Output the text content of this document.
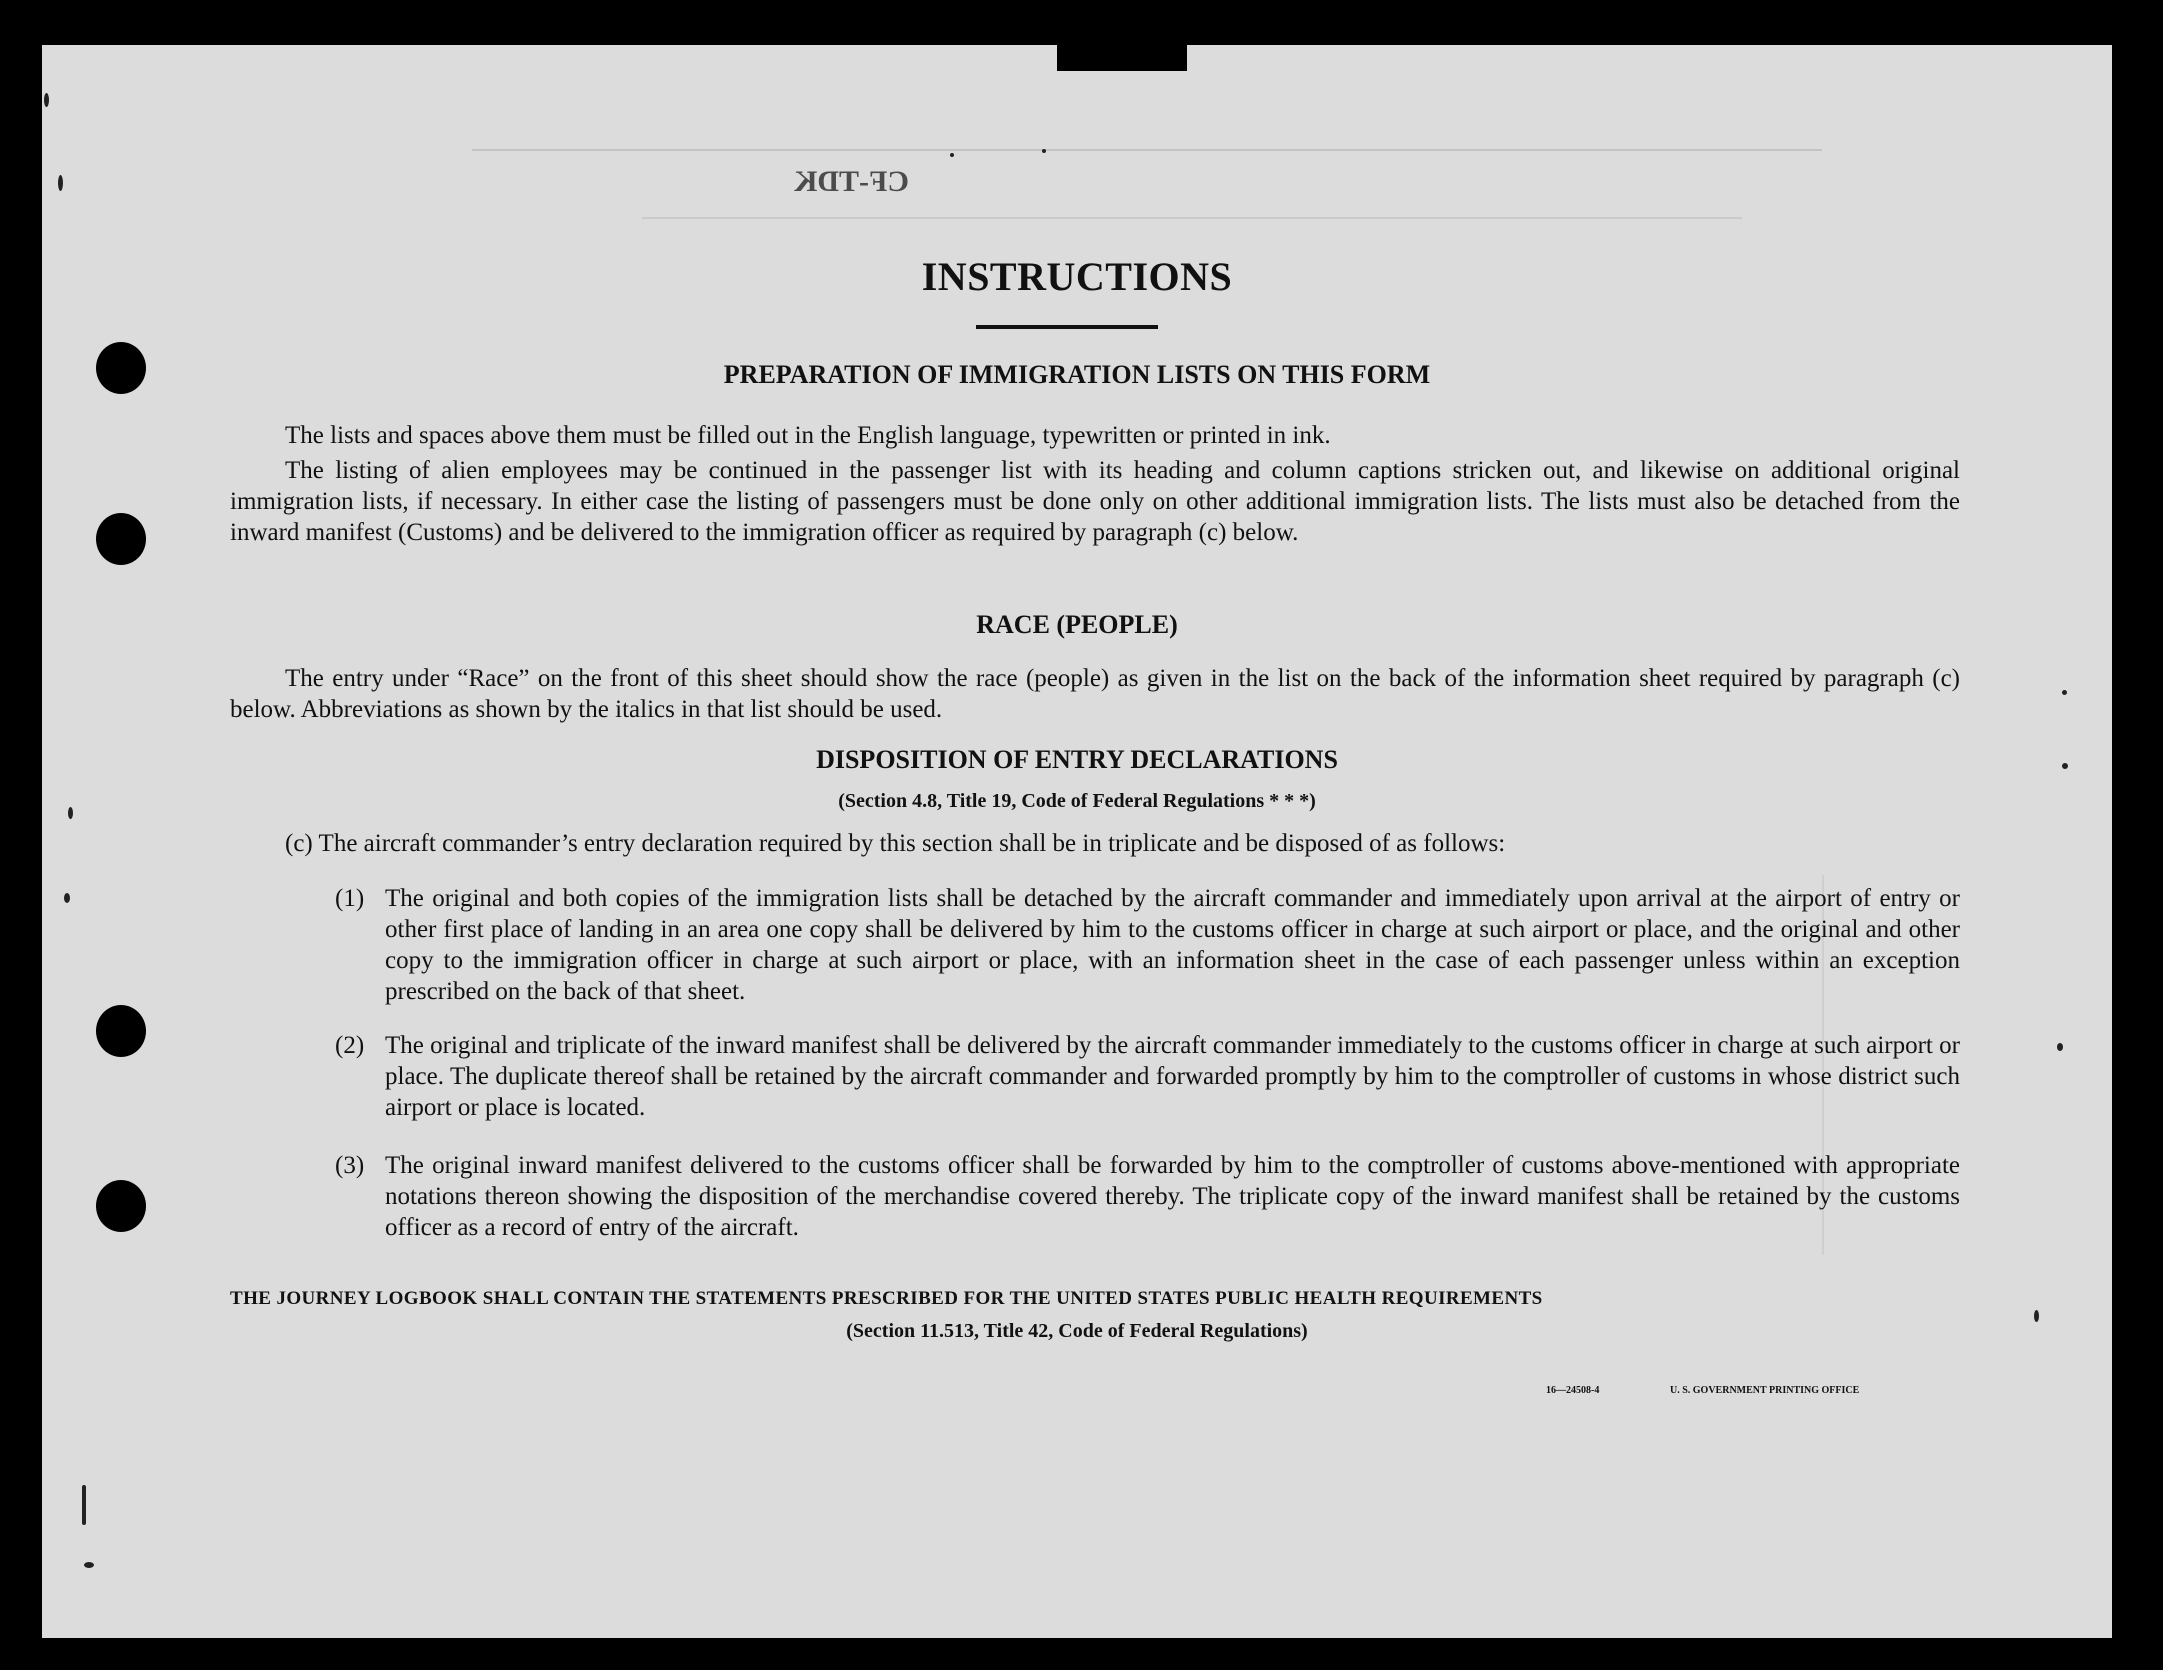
CF-TDK
INSTRUCTIONS
PREPARATION OF IMMIGRATION LISTS ON THIS FORM
The lists and spaces above them must be filled out in the English language, typewritten or printed in ink.
The listing of alien employees may be continued in the passenger list with its heading and column captions stricken out, and likewise on additional original immigration lists, if necessary. In either case the listing of passengers must be done only on other additional immigration lists. The lists must also be detached from the inward manifest (Customs) and be delivered to the immigration officer as required by paragraph (c) below.
RACE (PEOPLE)
The entry under “Race” on the front of this sheet should show the race (people) as given in the list on the back of the information sheet required by paragraph (c) below. Abbreviations as shown by the italics in that list should be used.
DISPOSITION OF ENTRY DECLARATIONS
(Section 4.8, Title 19, Code of Federal Regulations * * *)
(c) The aircraft commander’s entry declaration required by this section shall be in triplicate and be disposed of as follows:
(1) The original and both copies of the immigration lists shall be detached by the aircraft commander and immediately upon arrival at the airport of entry or other first place of landing in an area one copy shall be delivered by him to the customs officer in charge at such airport or place, and the original and other copy to the immigration officer in charge at such airport or place, with an information sheet in the case of each passenger unless within an exception prescribed on the back of that sheet.
(2) The original and triplicate of the inward manifest shall be delivered by the aircraft commander immediately to the customs officer in charge at such airport or place. The duplicate thereof shall be retained by the aircraft commander and forwarded promptly by him to the comptroller of customs in whose district such airport or place is located.
(3) The original inward manifest delivered to the customs officer shall be forwarded by him to the comptroller of customs above-mentioned with appropriate notations thereon showing the disposition of the merchandise covered thereby. The triplicate copy of the inward manifest shall be retained by the customs officer as a record of entry of the aircraft.
THE JOURNEY LOGBOOK SHALL CONTAIN THE STATEMENTS PRESCRIBED FOR THE UNITED STATES PUBLIC HEALTH REQUIREMENTS
(Section 11.513, Title 42, Code of Federal Regulations)
16—24508-4	U. S. GOVERNMENT PRINTING OFFICE
